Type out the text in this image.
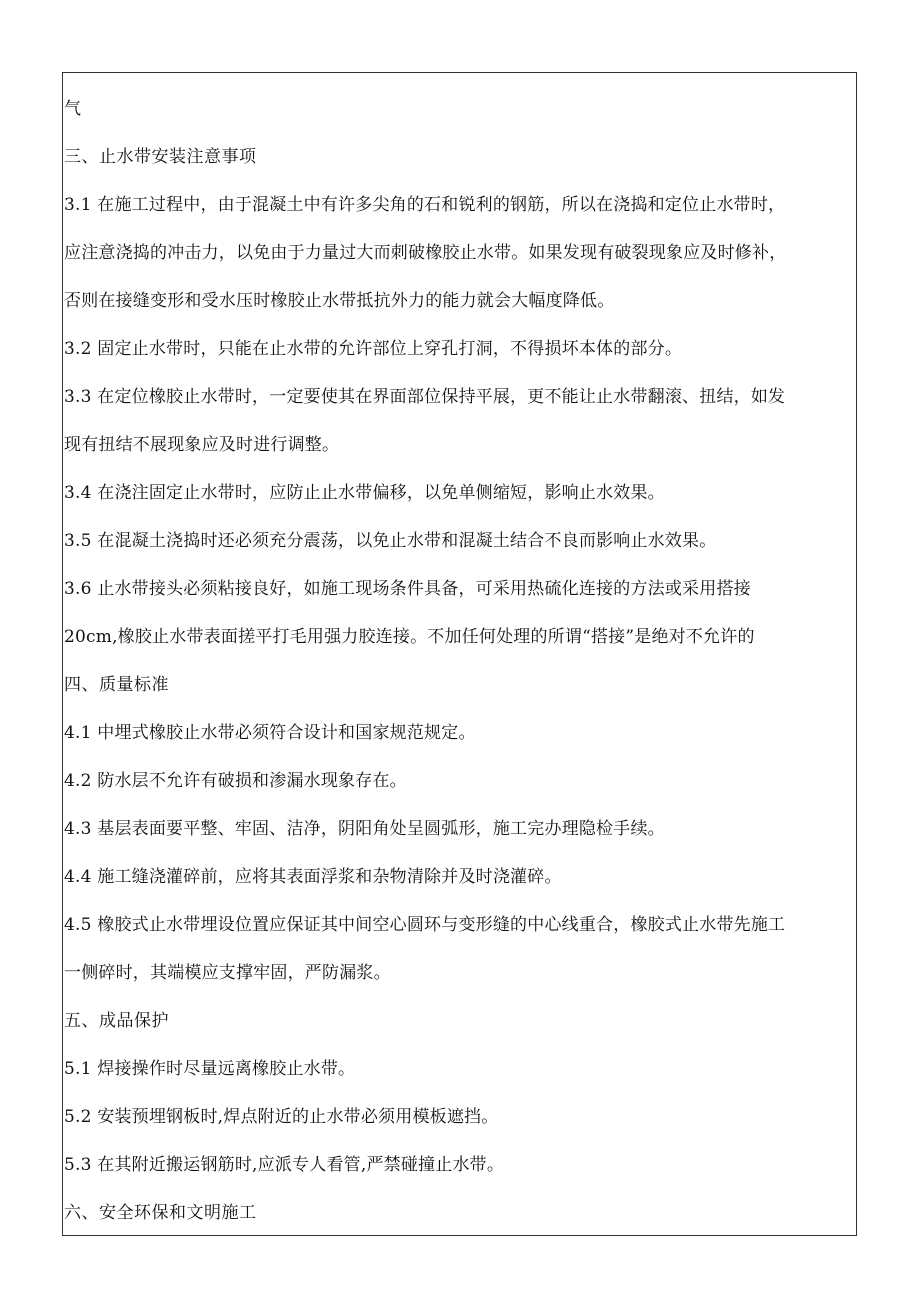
气
三、止水带安装注意事项
3.1 在施工过程中，由于混凝土中有许多尖角的石和锐利的钢筋，所以在浇捣和定位止水带时，
应注意浇捣的冲击力，以免由于力量过大而刺破橡胶止水带。如果发现有破裂现象应及时修补，
否则在接缝变形和受水压时橡胶止水带抵抗外力的能力就会大幅度降低。
3.2 固定止水带时，只能在止水带的允许部位上穿孔打洞，不得损坏本体的部分。
3.3 在定位橡胶止水带时，一定要使其在界面部位保持平展，更不能让止水带翻滚、扭结，如发
现有扭结不展现象应及时进行调整。
3.4 在浇注固定止水带时，应防止止水带偏移，以免单侧缩短，影响止水效果。
3.5 在混凝土浇捣时还必须充分震荡，以免止水带和混凝土结合不良而影响止水效果。
3.6 止水带接头必须粘接良好，如施工现场条件具备，可采用热硫化连接的方法或采用搭接
20cm,橡胶止水带表面搓平打毛用强力胶连接。不加任何处理的所谓“搭接”是绝对不允许的
四、质量标准
4.1 中埋式橡胶止水带必须符合设计和国家规范规定。
4.2 防水层不允许有破损和渗漏水现象存在。
4.3 基层表面要平整、牢固、洁净，阴阳角处呈圆弧形，施工完办理隐检手续。
4.4 施工缝浇灌碎前，应将其表面浮浆和杂物清除并及时浇灌碎。
4.5 橡胶式止水带埋设位置应保证其中间空心圆环与变形缝的中心线重合，橡胶式止水带先施工
一侧碎时，其端模应支撑牢固，严防漏浆。
五、成品保护
5.1 焊接操作时尽量远离橡胶止水带。
5.2 安装预埋钢板时,焊点附近的止水带必须用模板遮挡。
5.3 在其附近搬运钢筋时,应派专人看管,严禁碰撞止水带。
六、安全环保和文明施工
